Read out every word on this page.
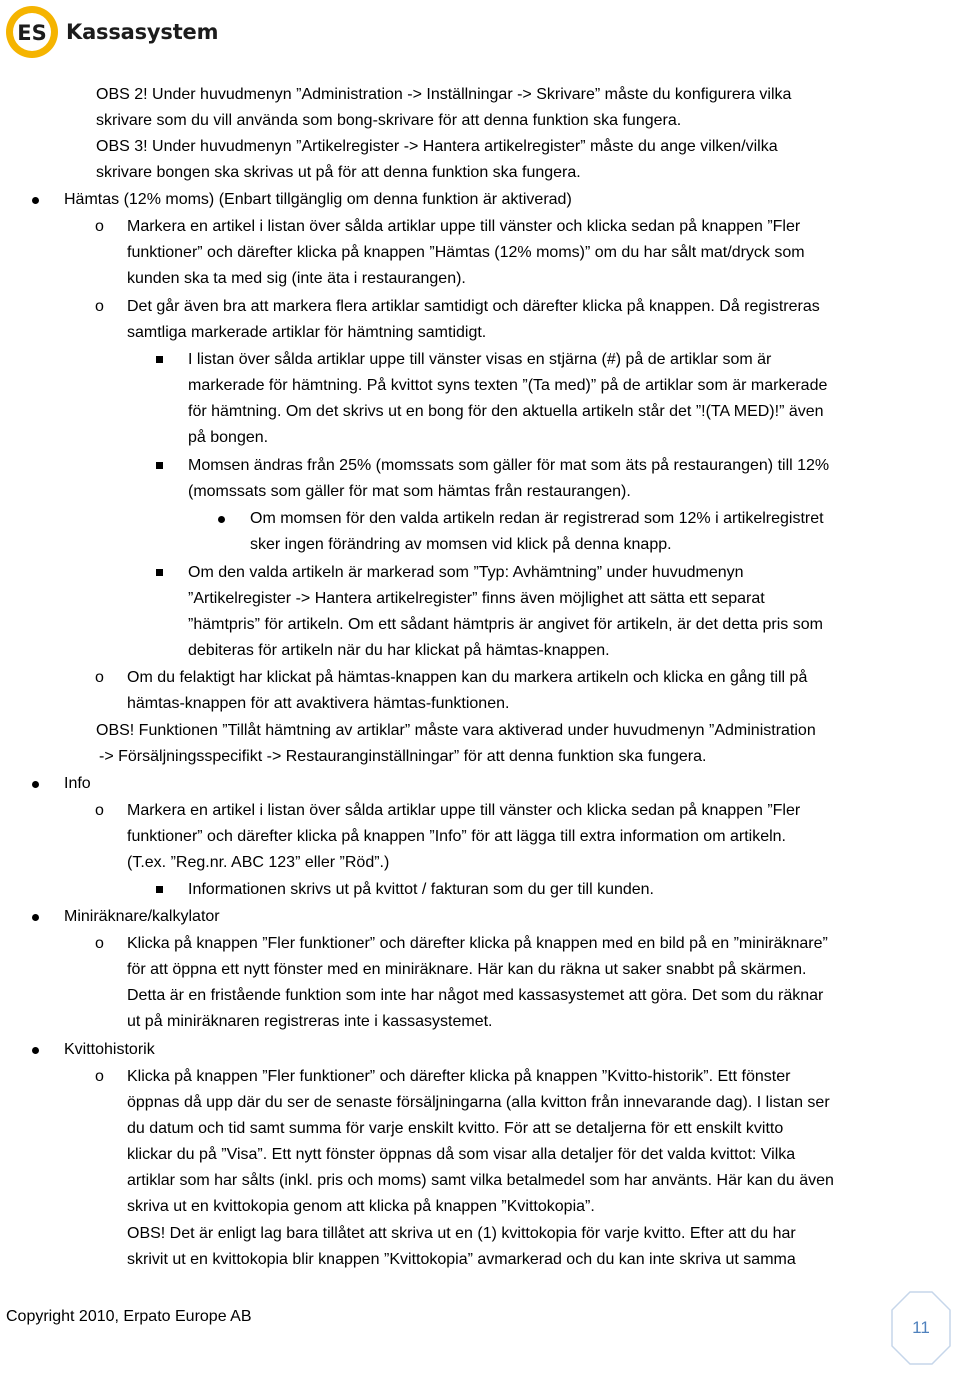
ES Kassasystem
OBS 2! Under huvudmenyn ”Administration -> Inställningar -> Skrivare” måste du konfigurera vilka
skrivare som du vill använda som bong-skrivare för att denna funktion ska fungera.
OBS 3! Under huvudmenyn ”Artikelregister -> Hantera artikelregister” måste du ange vilken/vilka
skrivare bongen ska skrivas ut på för att denna funktion ska fungera.
Hämtas (12% moms) (Enbart tillgänglig om denna funktion är aktiverad)
o Markera en artikel i listan över sålda artiklar uppe till vänster och klicka sedan på knappen ”Fler
funktioner” och därefter klicka på knappen ”Hämtas (12% moms)” om du har sålt mat/dryck som
kunden ska ta med sig (inte äta i restaurangen).
o Det går även bra att markera flera artiklar samtidigt och därefter klicka på knappen. Då registreras
samtliga markerade artiklar för hämtning samtidigt.
I listan över sålda artiklar uppe till vänster visas en stjärna (#) på de artiklar som är
markerade för hämtning. På kvittot syns texten ”(Ta med)” på de artiklar som är markerade
för hämtning. Om det skrivs ut en bong för den aktuella artikeln står det ”!(TA MED)!” även
på bongen.
Momsen ändras från 25% (momssats som gäller för mat som äts på restaurangen) till 12%
(momssats som gäller för mat som hämtas från restaurangen).
Om momsen för den valda artikeln redan är registrerad som 12% i artikelregistret
sker ingen förändring av momsen vid klick på denna knapp.
Om den valda artikeln är markerad som ”Typ: Avhämtning” under huvudmenyn
”Artikelregister -> Hantera artikelregister” finns även möjlighet att sätta ett separat
”hämtpris” för artikeln. Om ett sådant hämtpris är angivet för artikeln, är det detta pris som
debiteras för artikeln när du har klickat på hämtas-knappen.
o Om du felaktigt har klickat på hämtas-knappen kan du markera artikeln och klicka en gång till på
hämtas-knappen för att avaktivera hämtas-funktionen.
OBS! Funktionen ”Tillåt hämtning av artiklar” måste vara aktiverad under huvudmenyn ”Administration
-> Försäljningsspecifikt -> Restauranginställningar” för att denna funktion ska fungera.
Info
o Markera en artikel i listan över sålda artiklar uppe till vänster och klicka sedan på knappen ”Fler
funktioner” och därefter klicka på knappen ”Info” för att lägga till extra information om artikeln.
(T.ex. ”Reg.nr. ABC 123” eller ”Röd”.)
Informationen skrivs ut på kvittot / fakturan som du ger till kunden.
Miniräknare/kalkylator
o Klicka på knappen ”Fler funktioner” och därefter klicka på knappen med en bild på en ”miniräknare”
för att öppna ett nytt fönster med en miniräknare. Här kan du räkna ut saker snabbt på skärmen.
Detta är en fristående funktion som inte har något med kassasystemet att göra. Det som du räknar
ut på miniräknaren registreras inte i kassasystemet.
Kvittohistorik
o Klicka på knappen ”Fler funktioner” och därefter klicka på knappen ”Kvitto-historik”. Ett fönster
öppnas då upp där du ser de senaste försäljningarna (alla kvitton från innevarande dag). I listan ser
du datum och tid samt summa för varje enskilt kvitto. För att se detaljerna för ett enskilt kvitto
klickar du på ”Visa”. Ett nytt fönster öppnas då som visar alla detaljer för det valda kvittot: Vilka
artiklar som har sålts (inkl. pris och moms) samt vilka betalmedel som har använts. Här kan du även
skriva ut en kvittokopia genom att klicka på knappen ”Kvittokopia”.
OBS! Det är enligt lag bara tillåtet att skriva ut en (1) kvittokopia för varje kvitto. Efter att du har
skrivit ut en kvittokopia blir knappen ”Kvittokopia” avmarkerad och du kan inte skriva ut samma
Copyright 2010, Erpato Europe AB
11
